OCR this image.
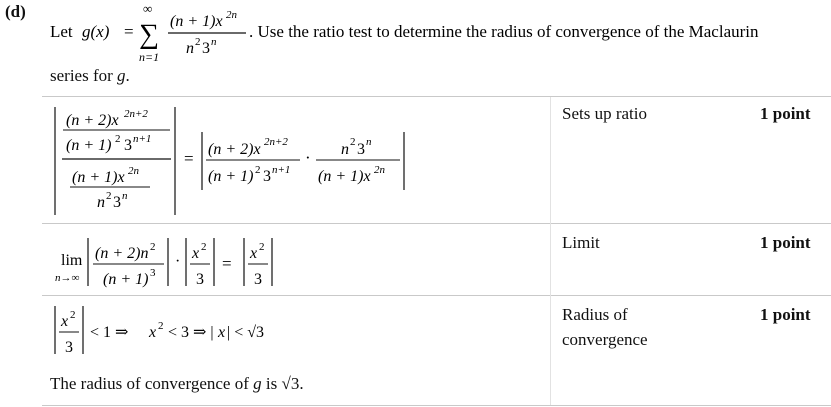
(d)
Let g(x) =
∞
∑
n=1
(n + 1)x 2n
n 2 3 n
. Use the ratio test to determine the radius of convergence of the Maclaurin
series for g.
(n + 2)x 2n+2
(n + 1) 2 3 n+1
(n + 1)x 2n
n 2 3 n
= (n + 2)x 2n+2
(n + 1) 2 3 n+1
· n 2 3 n
(n + 1)x 2n
Sets up ratio	1 point
lim
n→∞
(n + 2)n 2
(n + 1) 3
· x 2
3
=
x 2
3
Limit	1 point
x 2
3
< 1 ⇒ x 2 < 3 ⇒ | x | < √3
Radius of
convergence
1 point
The radius of convergence of g is √3.
